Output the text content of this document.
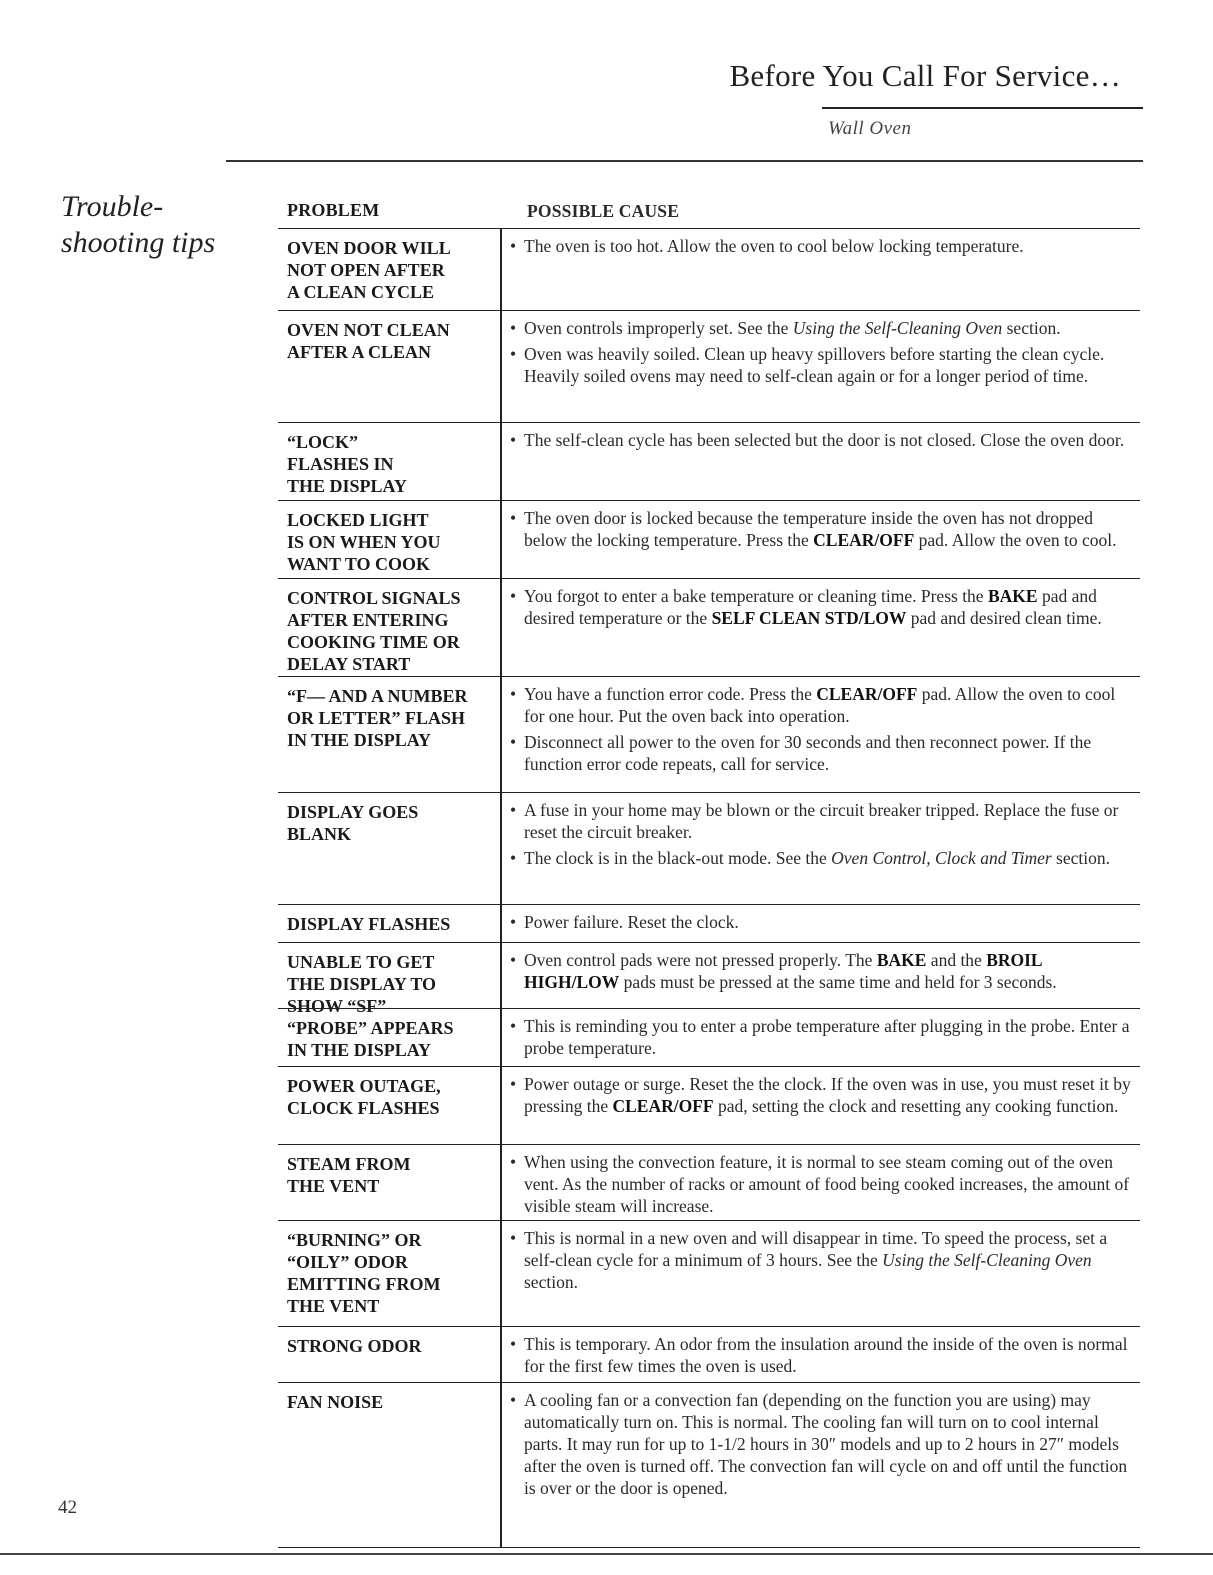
Before You Call For Service…
Wall Oven
Trouble-
shooting tips
PROBLEM	POSSIBLE CAUSE
OVEN DOOR WILL
NOT OPEN AFTER
A CLEAN CYCLE
• The oven is too hot. Allow the oven to cool below locking temperature.
OVEN NOT CLEAN
AFTER A CLEAN
• Oven controls improperly set. See the Using the Self-Cleaning Oven section.
• Oven was heavily soiled. Clean up heavy spillovers before starting the clean cycle. Heavily soiled ovens may need to self-clean again or for a longer period of time.
“LOCK”
FLASHES IN
THE DISPLAY
• The self-clean cycle has been selected but the door is not closed. Close the oven door.
LOCKED LIGHT
IS ON WHEN YOU
WANT TO COOK
• The oven door is locked because the temperature inside the oven has not dropped below the locking temperature. Press the CLEAR/OFF pad. Allow the oven to cool.
CONTROL SIGNALS
AFTER ENTERING
COOKING TIME OR
DELAY START
• You forgot to enter a bake temperature or cleaning time. Press the BAKE pad and desired temperature or the SELF CLEAN STD/LOW pad and desired clean time.
“F— AND A NUMBER
OR LETTER” FLASH
IN THE DISPLAY
• You have a function error code. Press the CLEAR/OFF pad. Allow the oven to cool for one hour. Put the oven back into operation.
• Disconnect all power to the oven for 30 seconds and then reconnect power. If the function error code repeats, call for service.
DISPLAY GOES
BLANK
• A fuse in your home may be blown or the circuit breaker tripped. Replace the fuse or reset the circuit breaker.
• The clock is in the black-out mode. See the Oven Control, Clock and Timer section.
DISPLAY FLASHES	• Power failure. Reset the clock.
UNABLE TO GET
THE DISPLAY TO
SHOW “SF”
• Oven control pads were not pressed properly. The BAKE and the BROIL HIGH/LOW pads must be pressed at the same time and held for 3 seconds.
“PROBE” APPEARS
IN THE DISPLAY
• This is reminding you to enter a probe temperature after plugging in the probe. Enter a probe temperature.
POWER OUTAGE,
CLOCK FLASHES
• Power outage or surge. Reset the the clock. If the oven was in use, you must reset it by pressing the CLEAR/OFF pad, setting the clock and resetting any cooking function.
STEAM FROM
THE VENT
• When using the convection feature, it is normal to see steam coming out of the oven vent. As the number of racks or amount of food being cooked increases, the amount of visible steam will increase.
“BURNING” OR
“OILY” ODOR
EMITTING FROM
THE VENT
• This is normal in a new oven and will disappear in time. To speed the process, set a self-clean cycle for a minimum of 3 hours. See the Using the Self-Cleaning Oven section.
STRONG ODOR	• This is temporary. An odor from the insulation around the inside of the oven is normal for the first few times the oven is used.
FAN NOISE	• A cooling fan or a convection fan (depending on the function you are using) may automatically turn on. This is normal. The cooling fan will turn on to cool internal parts. It may run for up to 1-1/2 hours in 30″ models and up to 2 hours in 27″ models after the oven is turned off. The convection fan will cycle on and off until the function is over or the door is opened.
42
